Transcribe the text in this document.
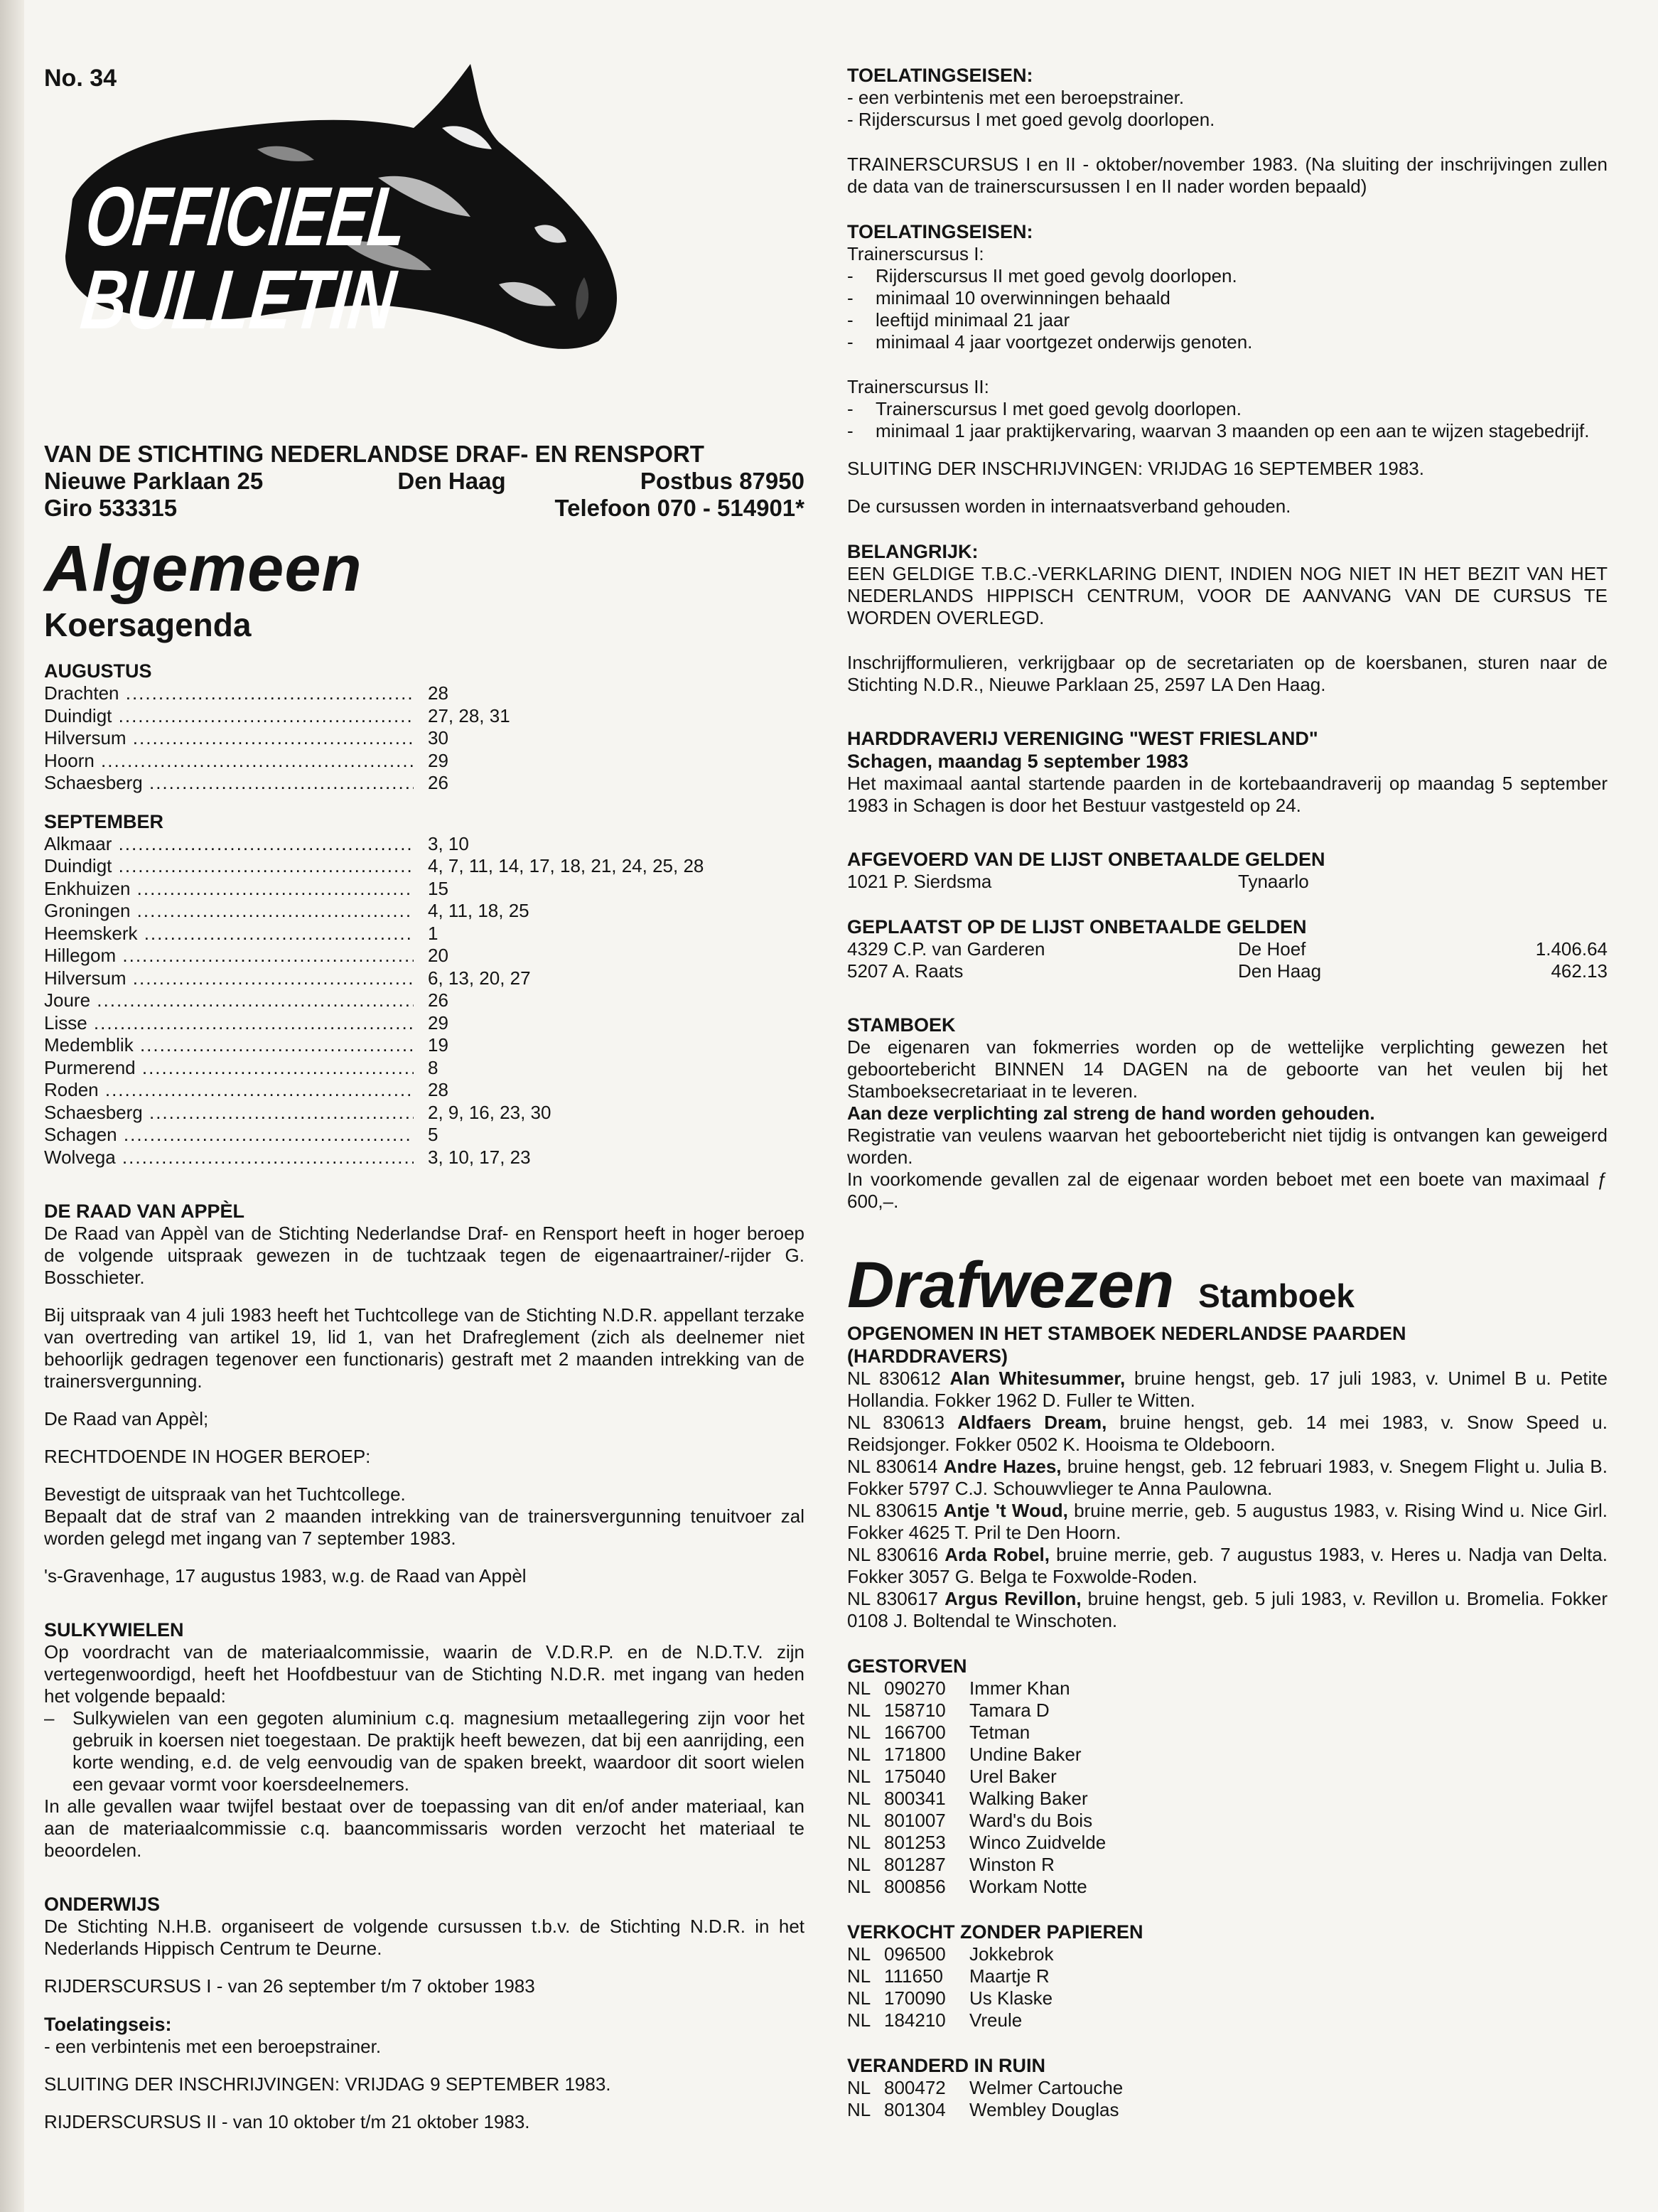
No. 34
OFFICIEEL
BULLETIN
VAN DE STICHTING NEDERLANDSE DRAF- EN RENSPORT
Nieuwe Parklaan 25	Den Haag	Postbus 87950
Giro 533315	Telefoon 070 - 514901*
Algemeen
Koersagenda
AUGUSTUS
Drachten .....	28
Duindigt .....	27, 28, 31
Hilversum .....	30
Hoorn .....	29
Schaesberg .....	26
SEPTEMBER
Alkmaar .....	3, 10
Duindigt .....	4, 7, 11, 14, 17, 18, 21, 24, 25, 28
Enkhuizen .....	15
Groningen .....	4, 11, 18, 25
Heemskerk .....	1
Hillegom .....	20
Hilversum .....	6, 13, 20, 27
Joure .....	26
Lisse .....	29
Medemblik .....	19
Purmerend .....	8
Roden .....	28
Schaesberg .....	2, 9, 16, 23, 30
Schagen .....	5
Wolvega .....	3, 10, 17, 23
DE RAAD VAN APPÈL

De Raad van Appèl van de Stichting Nederlandse Draf- en Rensport heeft in hoger beroep de volgende uitspraak gewezen in de tuchtzaak tegen de eigenaartrainer/-rijder G. Bosschieter.

Bij uitspraak van 4 juli 1983 heeft het Tuchtcollege van de Stichting N.D.R. appellant terzake van overtreding van artikel 19, lid 1, van het Drafreglement (zich als deelnemer niet behoorlijk gedragen tegenover een functionaris) gestraft met 2 maanden intrekking van de trainersvergunning.

De Raad van Appèl;

RECHTDOENDE IN HOGER BEROEP:

Bevestigt de uitspraak van het Tuchtcollege.

Bepaalt dat de straf van 2 maanden intrekking van de trainersvergunning tenuitvoer zal worden gelegd met ingang van 7 september 1983.

's-Gravenhage, 17 augustus 1983, w.g. de Raad van Appèl

SULKYWIELEN

Op voordracht van de materiaalcommissie, waarin de V.D.R.P. en de N.D.T.V. zijn vertegenwoordigd, heeft het Hoofdbestuur van de Stichting N.D.R. met ingang van heden het volgende bepaald:

– Sulkywielen van een gegoten aluminium c.q. magnesium metaallegering zijn voor het gebruik in koersen niet toegestaan. De praktijk heeft bewezen, dat bij een aanrijding, een korte wending, e.d. de velg eenvoudig van de spaken breekt, waardoor dit soort wielen een gevaar vormt voor koersdeelnemers.

In alle gevallen waar twijfel bestaat over de toepassing van dit en/of ander materiaal, kan aan de materiaalcommissie c.q. baancommissaris worden verzocht het materiaal te beoordelen.

ONDERWIJS

De Stichting N.H.B. organiseert de volgende cursussen t.b.v. de Stichting N.D.R. in het Nederlands Hippisch Centrum te Deurne.

RIJDERSCURSUS I - van 26 september t/m 7 oktober 1983

Toelatingseis:

- een verbintenis met een beroepstrainer.

SLUITING DER INSCHRIJVINGEN: VRIJDAG 9 SEPTEMBER 1983.

RIJDERSCURSUS II - van 10 oktober t/m 21 oktober 1983.

TOELATINGSEISEN:

- een verbintenis met een beroepstrainer.

- Rijderscursus I met goed gevolg doorlopen.

TRAINERSCURSUS I en II - oktober/november 1983. (Na sluiting der inschrijvingen zullen de data van de trainerscursussen I en II nader worden bepaald)

TOELATINGSEISEN:

Trainerscursus I:

-	Rijderscursus II met goed gevolg doorlopen.
-	minimaal 10 overwinningen behaald
-	leeftijd minimaal 21 jaar
-	minimaal 4 jaar voortgezet onderwijs genoten.

Trainerscursus II:

-	Trainerscursus I met goed gevolg doorlopen.
-	minimaal 1 jaar praktijkervaring, waarvan 3 maanden op een aan te wijzen stagebedrijf.

SLUITING DER INSCHRIJVINGEN: VRIJDAG 16 SEPTEMBER 1983.

De cursussen worden in internaatsverband gehouden.

BELANGRIJK:

EEN GELDIGE T.B.C.-VERKLARING DIENT, INDIEN NOG NIET IN HET BEZIT VAN HET NEDERLANDS HIPPISCH CENTRUM, VOOR DE AANVANG VAN DE CURSUS TE WORDEN OVERLEGD.

Inschrijfformulieren, verkrijgbaar op de secretariaten op de koersbanen, sturen naar de Stichting N.D.R., Nieuwe Parklaan 25, 2597 LA Den Haag.

HARDDRAVERIJ VERENIGING "WEST FRIESLAND"
Schagen, maandag 5 september 1983

Het maximaal aantal startende paarden in de kortebaandraverij op maandag 5 september 1983 in Schagen is door het Bestuur vastgesteld op 24.

AFGEVOERD VAN DE LIJST ONBETAALDE GELDEN
1021 P. Sierdsma	Tynaarlo
GEPLAATST OP DE LIJST ONBETAALDE GELDEN
4329 C.P. van Garderen	De Hoef	1.406.64
5207 A. Raats	Den Haag	462.13
STAMBOEK

De eigenaren van fokmerries worden op de wettelijke verplichting gewezen het geboortebericht BINNEN 14 DAGEN na de geboorte van het veulen bij het Stamboeksecretariaat in te leveren.

Aan deze verplichting zal streng de hand worden gehouden.

Registratie van veulens waarvan het geboortebericht niet tijdig is ontvangen kan geweigerd worden.

In voorkomende gevallen zal de eigenaar worden beboet met een boete van maximaal ƒ 600,–.

Drafwezen Stamboek
OPGENOMEN IN HET STAMBOEK NEDERLANDSE PAARDEN (HARDDRAVERS)

NL 830612 Alan Whitesummer, bruine hengst, geb. 17 juli 1983, v. Unimel B u. Petite Hollandia. Fokker 1962 D. Fuller te Witten.

NL 830613 Aldfaers Dream, bruine hengst, geb. 14 mei 1983, v. Snow Speed u. Reidsjonger. Fokker 0502 K. Hooisma te Oldeboorn.

NL 830614 Andre Hazes, bruine hengst, geb. 12 februari 1983, v. Snegem Flight u. Julia B. Fokker 5797 C.J. Schouwvlieger te Anna Paulowna.

NL 830615 Antje 't Woud, bruine merrie, geb. 5 augustus 1983, v. Rising Wind u. Nice Girl. Fokker 4625 T. Pril te Den Hoorn.

NL 830616 Arda Robel, bruine merrie, geb. 7 augustus 1983, v. Heres u. Nadja van Delta. Fokker 3057 G. Belga te Foxwolde-Roden.

NL 830617 Argus Revillon, bruine hengst, geb. 5 juli 1983, v. Revillon u. Bromelia. Fokker 0108 J. Boltendal te Winschoten.

GESTORVEN
NL 090270	Immer Khan
NL 158710	Tamara D
NL 166700	Tetman
NL 171800	Undine Baker
NL 175040	Urel Baker
NL 800341	Walking Baker
NL 801007	Ward's du Bois
NL 801253	Winco Zuidvelde
NL 801287	Winston R
NL 800856	Workam Notte
VERKOCHT ZONDER PAPIEREN
NL 096500	Jokkebrok
NL 111650	Maartje R
NL 170090	Us Klaske
NL 184210	Vreule
VERANDERD IN RUIN
NL 800472	Welmer Cartouche
NL 801304	Wembley Douglas
